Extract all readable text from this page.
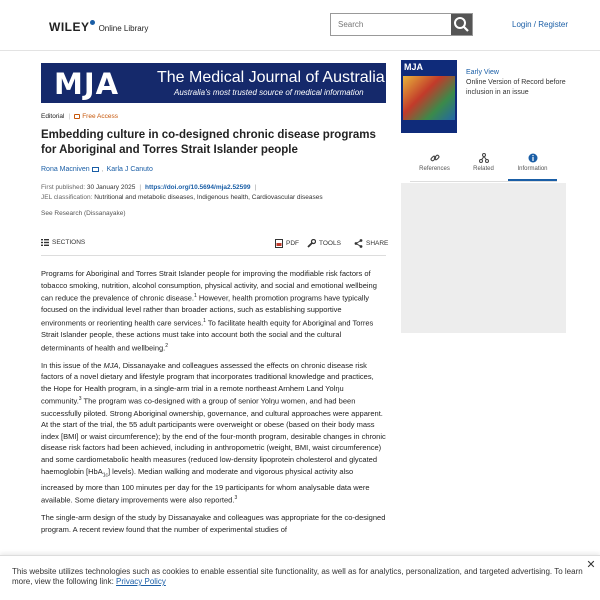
WILEY Online Library
Search	Login / Register
MJA The Medical Journal of Australia
Australia's most trusted source of medical information
Editorial | Free Access
Embedding culture in co-designed chronic disease programs for Aboriginal and Torres Strait Islander people
Rona Macniven , Karla J Canuto
First published: 30 January 2025 | https://doi.org/10.5694/mja2.52599 |
JEL classification: Nutritional and metabolic diseases, Indigenous health, Cardiovascular diseases
See Research (Dissanayake)
SECTIONS	PDF	TOOLS	SHARE

Programs for Aboriginal and Torres Strait Islander people for improving the modifiable risk factors of tobacco smoking, nutrition, alcohol consumption, physical activity, and social and emotional wellbeing can reduce the prevalence of chronic disease.$^1$ However, health promotion programs have typically focused on the individual level rather than broader actions, such as establishing supportive environments or reorienting health care services.$^1$ To facilitate health equity for Aboriginal and Torres Strait Islander people, these actions must take into account both the social and the cultural determinants of health and wellbeing.$^2$

In this issue of the MJA, Dissanayake and colleagues assessed the effects on chronic disease risk factors of a novel dietary and lifestyle program that incorporates traditional knowledge and practices, the Hope for Health program, in a single-arm trial in a remote northeast Arnhem Land Yolŋu community.$^3$ The program was co-designed with a group of senior Yolŋu women, and had been successfully piloted. Strong Aboriginal ownership, governance, and cultural approaches were apparent. At the start of the trial, the 55 adult participants were overweight or obese (based on their body mass index [BMI] or waist circumference); by the end of the four-month program, desirable changes in chronic disease risk factors had been achieved, including in anthropometric (weight, BMI, waist circumference) and some cardiometabolic health measures (reduced low-density lipoprotein cholesterol and glycated haemoglobin [HbA$_{1c}$] levels). Median walking and moderate and vigorous physical activity also increased by more than 100 minutes per day for the 19 participants for whom analysable data were available. Some dietary improvements were also reported.$^3$

The single-arm design of the study by Dissanayake and colleagues was appropriate for the co-designed program. A recent review found that the number of experimental studies of

MJA
Early View
Online Version of Record before inclusion in an issue
References	Related	Information
This website utilizes technologies such as cookies to enable essential site functionality, as well as for analytics, personalization, and targeted advertising. To learn more, view the following link: Privacy Policy
✕
